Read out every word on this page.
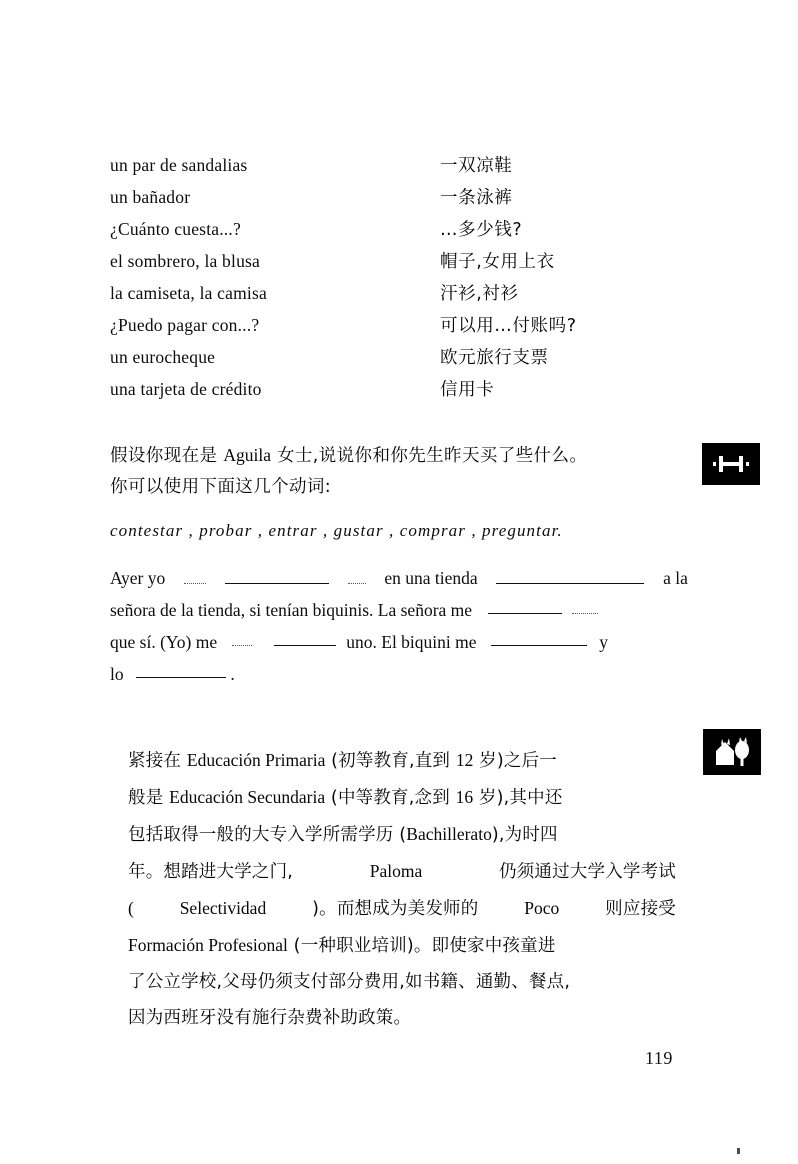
un par de sandalias	一双凉鞋
un bañador	一条泳裤
¿Cuánto cuesta...?	…多少钱?
el sombrero, la blusa	帽子,女用上衣
la camiseta, la camisa	汗衫,衬衫
¿Puedo pagar con...?	可以用…付账吗?
un eurocheque	欧元旅行支票
una tarjeta de crédito	信用卡
假设你现在是 Aguila 女士,说说你和你先生昨天买了些什么。
你可以使用下面这几个动词:
contestar , probar , entrar , gustar , comprar , preguntar.
Ayer yo	en una tienda	a la
señora de la tienda, si tenían biquinis. La señora me
que sí. (Yo) me	uno. El biquini me	y
lo	.
紧接在 Educación Primaria (初等教育,直到 12 岁)之后一
般是 Educación Secundaria (中等教育,念到 16 岁),其中还
包括取得一般的大专入学所需学历 (Bachillerato),为时四
年。想踏进大学之门,	Paloma	仍须通过大学入学考试
(	Selectividad	)。而想成为美发师的	Poco	则应接受
Formación Profesional (一种职业培训)。即使家中孩童进
了公立学校,父母仍须支付部分费用,如书籍、通勤、餐点,
因为西班牙没有施行杂费补助政策。
119
